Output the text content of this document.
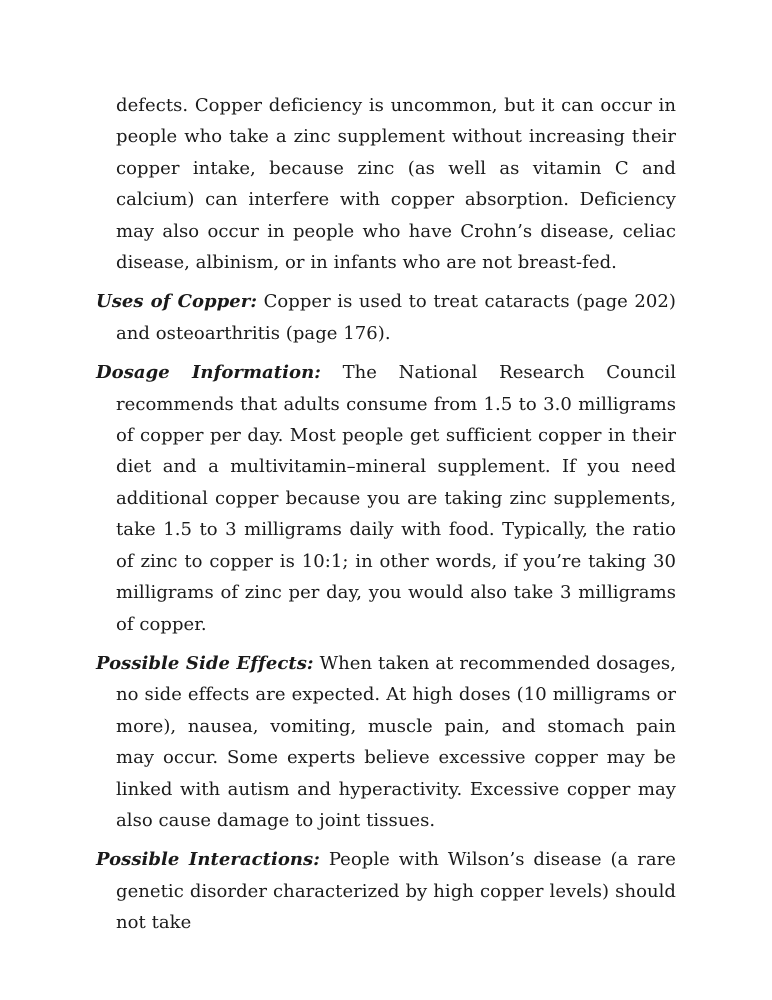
defects. Copper deficiency is uncommon, but it can occur in people who take a zinc supplement without increasing their copper intake, because zinc (as well as vitamin C and calcium) can interfere with copper absorption. Deficiency may also occur in people who have Crohn’s disease, celiac disease, albinism, or in infants who are not breast-fed.

Uses of Copper: Copper is used to treat cataracts (page 202) and osteoarthritis (page 176).

Dosage Information: The National Research Council recommends that adults consume from 1.5 to 3.0 milligrams of copper per day. Most people get sufficient copper in their diet and a multivitamin–mineral supplement. If you need additional copper because you are taking zinc supplements, take 1.5 to 3 milligrams daily with food. Typically, the ratio of zinc to copper is 10:1; in other words, if you’re taking 30 milligrams of zinc per day, you would also take 3 milligrams of copper.

Possible Side Effects: When taken at recommended dosages, no side effects are expected. At high doses (10 milligrams or more), nausea, vomiting, muscle pain, and stomach pain may occur. Some experts believe excessive copper may be linked with autism and hyperactivity. Excessive copper may also cause damage to joint tissues.

Possible Interactions: People with Wilson’s disease (a rare genetic disorder characterized by high copper levels) should not take
